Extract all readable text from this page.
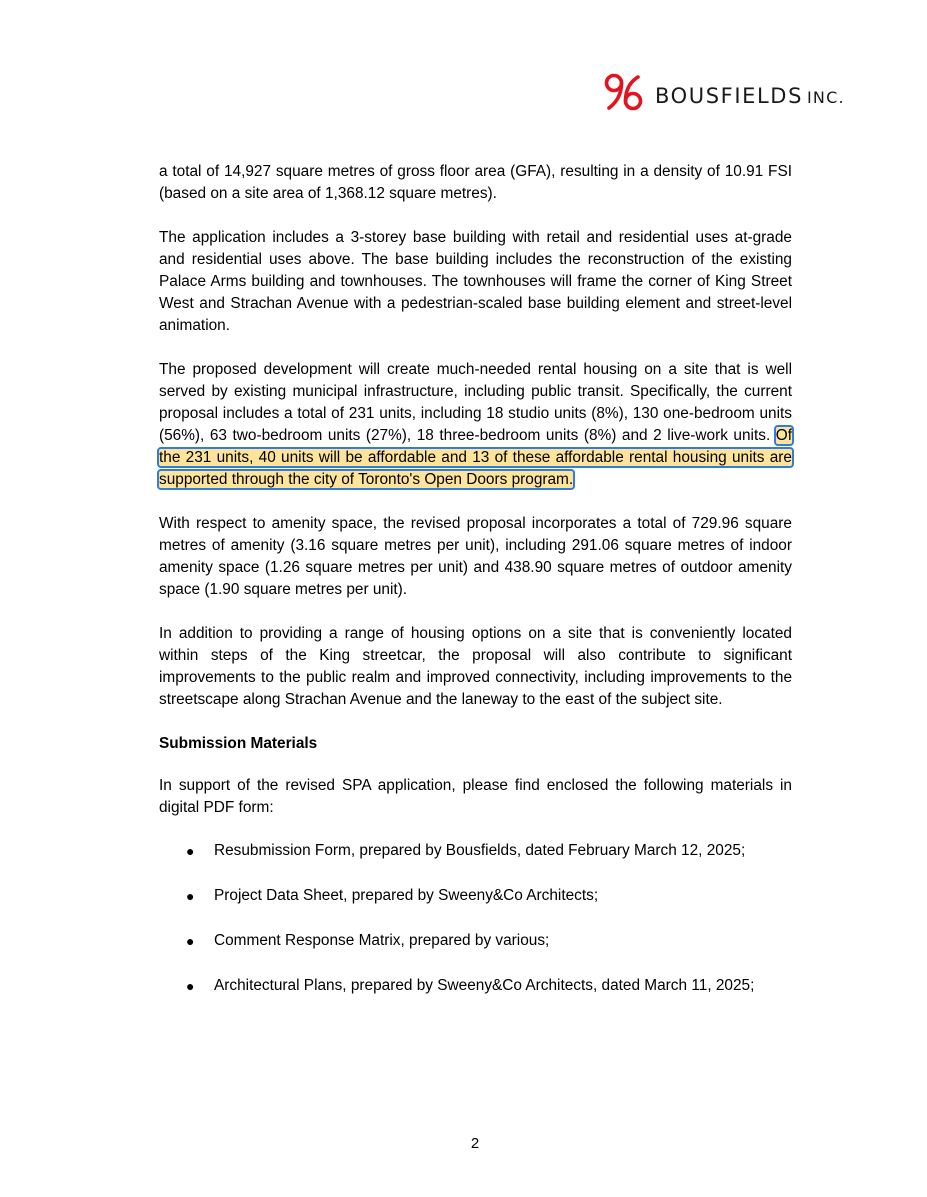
BOUSFIELDS INC.

a total of 14,927 square metres of gross floor area (GFA), resulting in a density of 10.91 FSI (based on a site area of 1,368.12 square metres).

The application includes a 3-storey base building with retail and residential uses at-grade and residential uses above. The base building includes the reconstruction of the existing Palace Arms building and townhouses. The townhouses will frame the corner of King Street West and Strachan Avenue with a pedestrian-scaled base building element and street-level animation.

The proposed development will create much-needed rental housing on a site that is well served by existing municipal infrastructure, including public transit. Specifically, the current proposal includes a total of 231 units, including 18 studio units (8%), 130 one-bedroom units (56%), 63 two-bedroom units (27%), 18 three-bedroom units (8%) and 2 live-work units. Of the 231 units, 40 units will be affordable and 13 of these affordable rental housing units are supported through the city of Toronto's Open Doors program.

With respect to amenity space, the revised proposal incorporates a total of 729.96 square metres of amenity (3.16 square metres per unit), including 291.06 square metres of indoor amenity space (1.26 square metres per unit) and 438.90 square metres of outdoor amenity space (1.90 square metres per unit).

In addition to providing a range of housing options on a site that is conveniently located within steps of the King streetcar, the proposal will also contribute to significant improvements to the public realm and improved connectivity, including improvements to the streetscape along Strachan Avenue and the laneway to the east of the subject site.

Submission Materials

In support of the revised SPA application, please find enclosed the following materials in digital PDF form:

● Resubmission Form, prepared by Bousfields, dated February March 12, 2025;
● Project Data Sheet, prepared by Sweeny&Co Architects;
● Comment Response Matrix, prepared by various;
● Architectural Plans, prepared by Sweeny&Co Architects, dated March 11, 2025;
2
